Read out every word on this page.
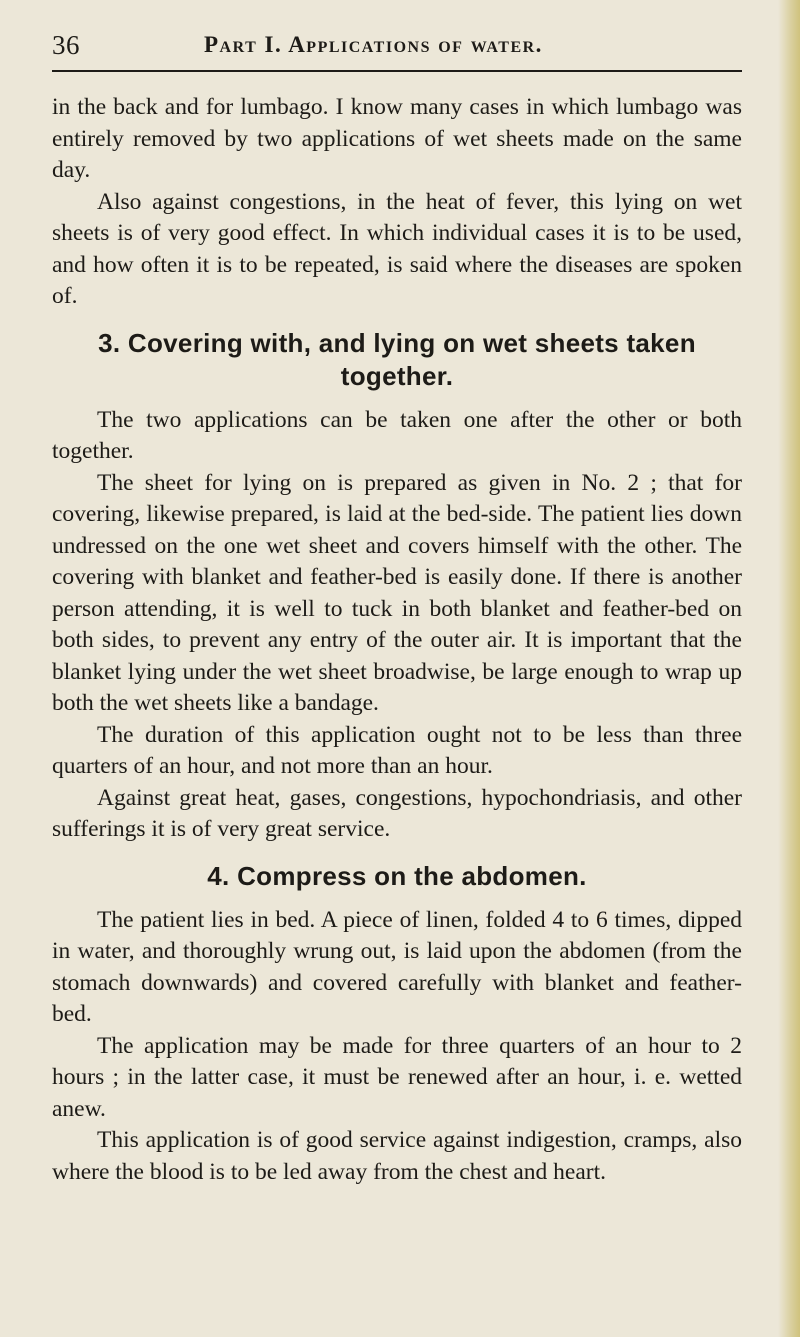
36	Part I. Applications of water.

in the back and for lumbago. I know many cases in which lumbago was entirely removed by two applications of wet sheets made on the same day.

Also against congestions, in the heat of fever, this lying on wet sheets is of very good effect. In which individual cases it is to be used, and how often it is to be repeated, is said where the diseases are spoken of.

3. Covering with, and lying on wet sheets taken together.

The two applications can be taken one after the other or both together.

The sheet for lying on is prepared as given in No. 2 ; that for covering, likewise prepared, is laid at the bed-side. The patient lies down undressed on the one wet sheet and covers himself with the other. The covering with blanket and feather-bed is easily done. If there is another person attending, it is well to tuck in both blanket and feather-bed on both sides, to prevent any entry of the outer air. It is important that the blanket lying under the wet sheet broadwise, be large enough to wrap up both the wet sheets like a bandage.

The duration of this application ought not to be less than three quarters of an hour, and not more than an hour.

Against great heat, gases, congestions, hypochondriasis, and other sufferings it is of very great service.

4. Compress on the abdomen.

The patient lies in bed. A piece of linen, folded 4 to 6 times, dipped in water, and thoroughly wrung out, is laid upon the abdomen (from the stomach downwards) and covered carefully with blanket and feather-bed.

The application may be made for three quarters of an hour to 2 hours ; in the latter case, it must be renewed after an hour, i. e. wetted anew.

This application is of good service against indigestion, cramps, also where the blood is to be led away from the chest and heart.
